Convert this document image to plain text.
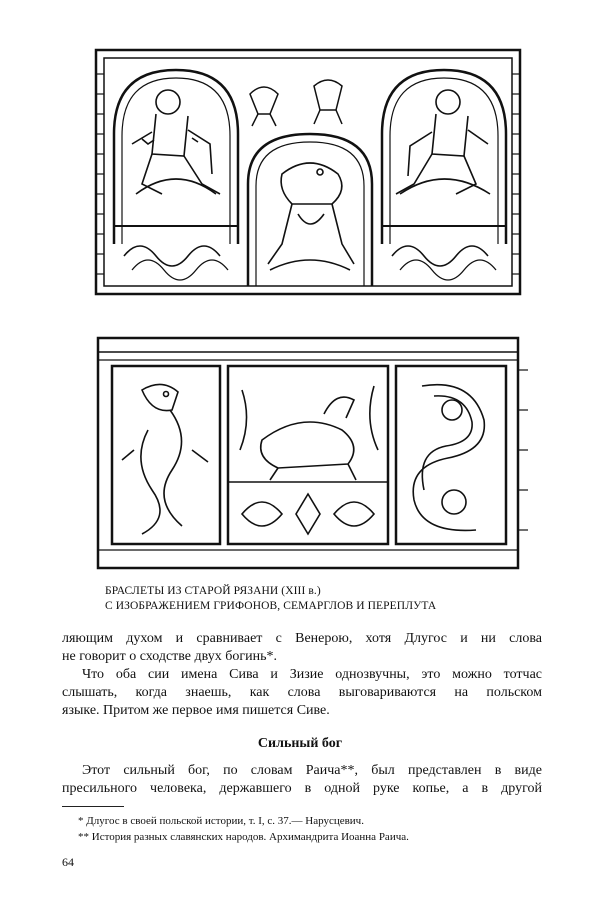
БРАСЛЕТЫ ИЗ СТАРОЙ РЯЗАНИ (XIII в.)
С ИЗОБРАЖЕНИЕМ ГРИФОНОВ, СЕМАРГЛОВ И ПЕРЕПЛУТА

ляющим духом и сравнивает с Венерою, хотя Длугос и ни слова
не говорит о сходстве двух богинь*.

Что оба сии имена Сива и Зизие однозвучны, это можно тотчас
слышать, когда знаешь, как слова выговариваются на польском
языке. Притом же первое имя пишется Сиве.

Сильный бог

Этот сильный бог, по словам Раича**, был представлен в виде
пресильного человека, державшего в одной руке копье, а в другой

* Длугос в своей польской истории, т. I, с. 37.— Нарусцевич.
** История разных славянских народов. Архимандрита Иоанна Раича.
64
